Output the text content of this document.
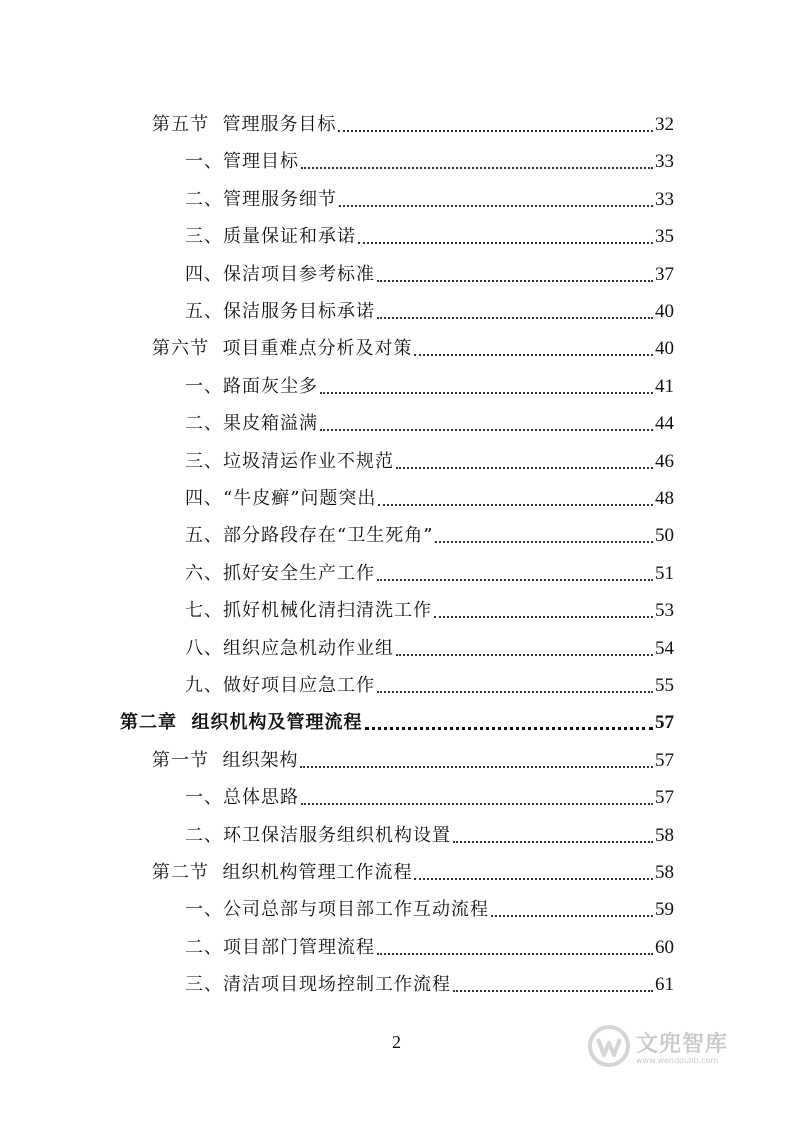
第五节  管理服务目标	32
一、管理目标	33
二、管理服务细节	33
三、质量保证和承诺	35
四、保洁项目参考标准	37
五、保洁服务目标承诺	40
第六节  项目重难点分析及对策	40
一、路面灰尘多	41
二、果皮箱溢满	44
三、垃圾清运作业不规范	46
四、“牛皮癣”问题突出	48
五、部分路段存在“卫生死角”	50
六、抓好安全生产工作	51
七、抓好机械化清扫清洗工作	53
八、组织应急机动作业组	54
九、做好项目应急工作	55
第二章  组织机构及管理流程	57
第一节  组织架构	57
一、总体思路	57
二、环卫保洁服务组织机构设置	58
第二节  组织机构管理工作流程	58
一、公司总部与项目部工作互动流程	59
二、项目部门管理流程	60
三、清洁项目现场控制工作流程	61
2	文兜智库
www.wendoulib.com
